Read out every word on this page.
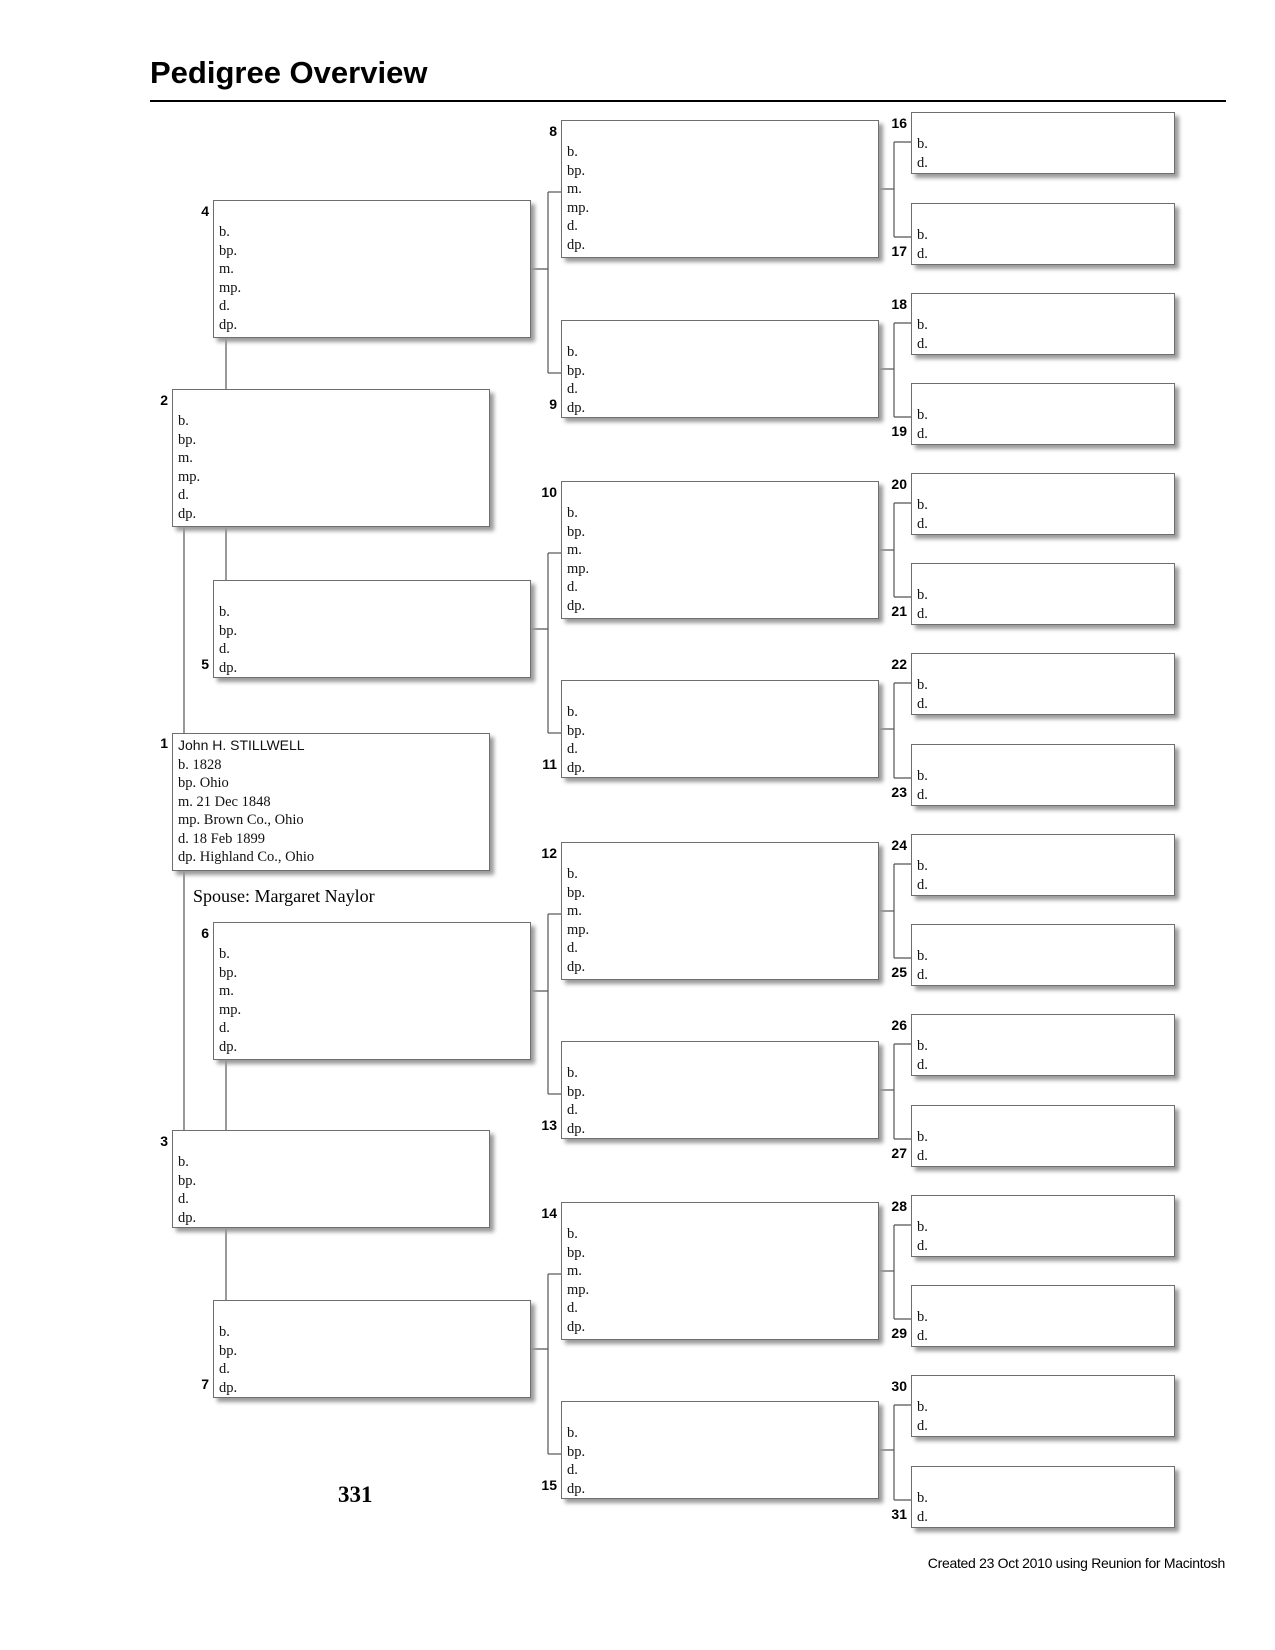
Pedigree Overview
John H. STILLWELL
b. 1828
bp. Ohio
m. 21 Dec 1848
mp. Brown Co., Ohio
d. 18 Feb 1899
dp. Highland Co., Ohio
1
b.
bp.
m.
mp.
d.
dp.
2
b.
bp.
d.
dp.
3
b.
bp.
m.
mp.
d.
dp.
4
b.
bp.
d.
dp.
5
b.
bp.
m.
mp.
d.
dp.
6
b.
bp.
d.
dp.
7
b.
bp.
m.
mp.
d.
dp.
8
b.
bp.
d.
dp.
9
b.
bp.
m.
mp.
d.
dp.
10
b.
bp.
d.
dp.
11
b.
bp.
m.
mp.
d.
dp.
12
b.
bp.
d.
dp.
13
b.
bp.
m.
mp.
d.
dp.
14
b.
bp.
d.
dp.
15
b.
d.
16
b.
d.
17
b.
d.
18
b.
d.
19
b.
d.
20
b.
d.
21
b.
d.
22
b.
d.
23
b.
d.
24
b.
d.
25
b.
d.
26
b.
d.
27
b.
d.
28
b.
d.
29
b.
d.
30
b.
d.
31
Spouse: Margaret Naylor
331
Created 23 Oct 2010 using Reunion for Macintosh
